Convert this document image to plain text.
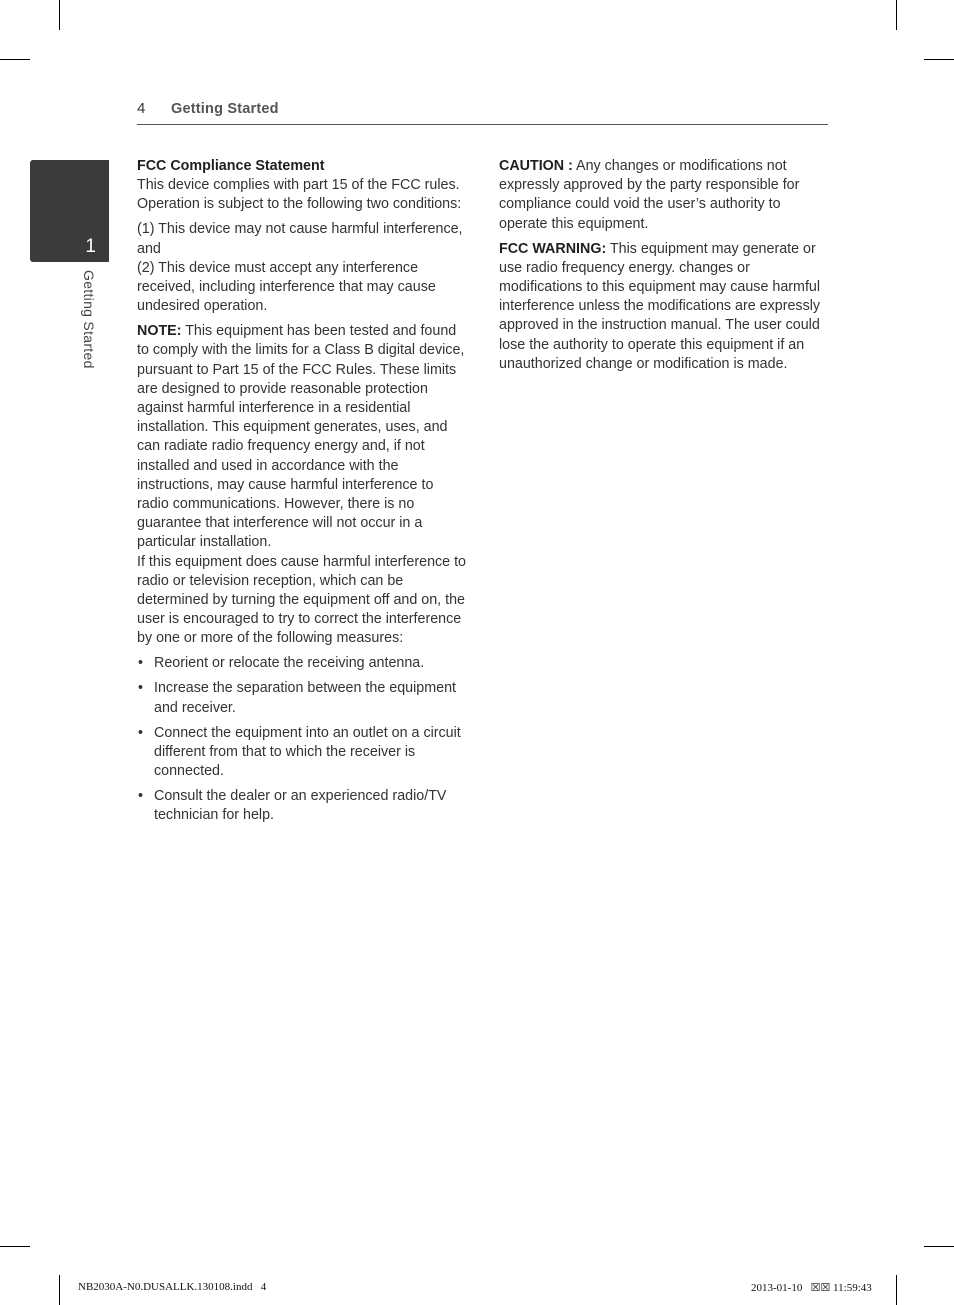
4 Getting Started
1
Getting Started

FCC Compliance Statement

This device complies with part 15 of the FCC rules. Operation is subject to the following two conditions:

(1) This device may not cause harmful interference, and

(2) This device must accept any interference received, including interference that may cause undesired operation.

NOTE: This equipment has been tested and found to comply with the limits for a Class B digital device, pursuant to Part 15 of the FCC Rules. These limits are designed to provide reasonable protection against harmful interference in a residential installation. This equipment generates, uses, and can radiate radio frequency energy and, if not installed and used in accordance with the instructions, may cause harmful interference to radio communications. However, there is no guarantee that interference will not occur in a particular installation.

If this equipment does cause harmful interference to radio or television reception, which can be determined by turning the equipment off and on, the user is encouraged to try to correct the interference by one or more of the following measures:

• Reorient or relocate the receiving antenna.
• Increase the separation between the equipment and receiver.
• Connect the equipment into an outlet on a circuit different from that to which the receiver is connected.
• Consult the dealer or an experienced radio/TV technician for help.

CAUTION : Any changes or modifications not expressly approved by the party responsible for compliance could void the user’s authority to operate this equipment.

FCC WARNING: This equipment may generate or use radio frequency energy. changes or modifications to this equipment may cause harmful interference unless the modifications are expressly approved in the instruction manual. The user could lose the authority to operate this equipment if an unauthorized change or modification is made.

NB2030A-N0.DUSALLK.130108.indd   4	2013-01-10   ☒☒ 11:59:43
